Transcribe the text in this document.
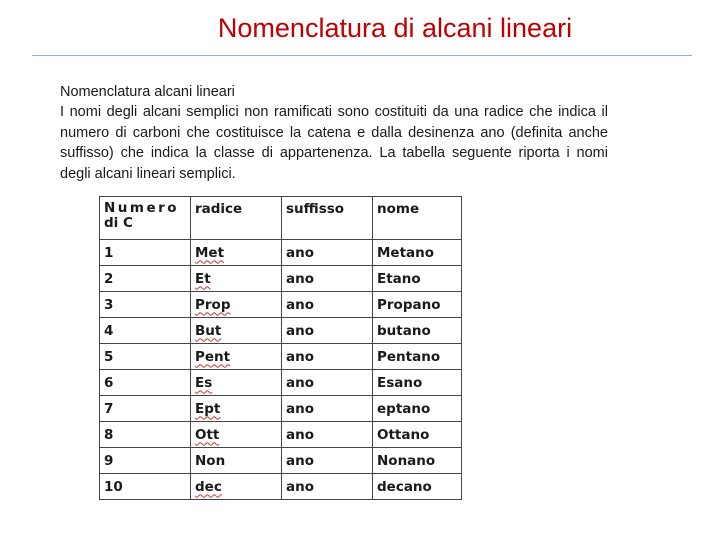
Nomenclatura di alcani lineari

Nomenclatura alcani lineari

I nomi degli alcani semplici non ramificati sono costituiti da una radice che indica il numero di carboni che costituisce la catena e dalla desinenza ano (definita anche suffisso) che indica la classe di appartenenza. La tabella seguente riporta i nomi degli alcani lineari semplici.

Numero
di C	radice	suffisso	nome
1	Met	ano	Metano
2	Et	ano	Etano
3	Prop	ano	Propano
4	But	ano	butano
5	Pent	ano	Pentano
6	Es	ano	Esano
7	Ept	ano	eptano
8	Ott	ano	Ottano
9	Non	ano	Nonano
10	dec	ano	decano
